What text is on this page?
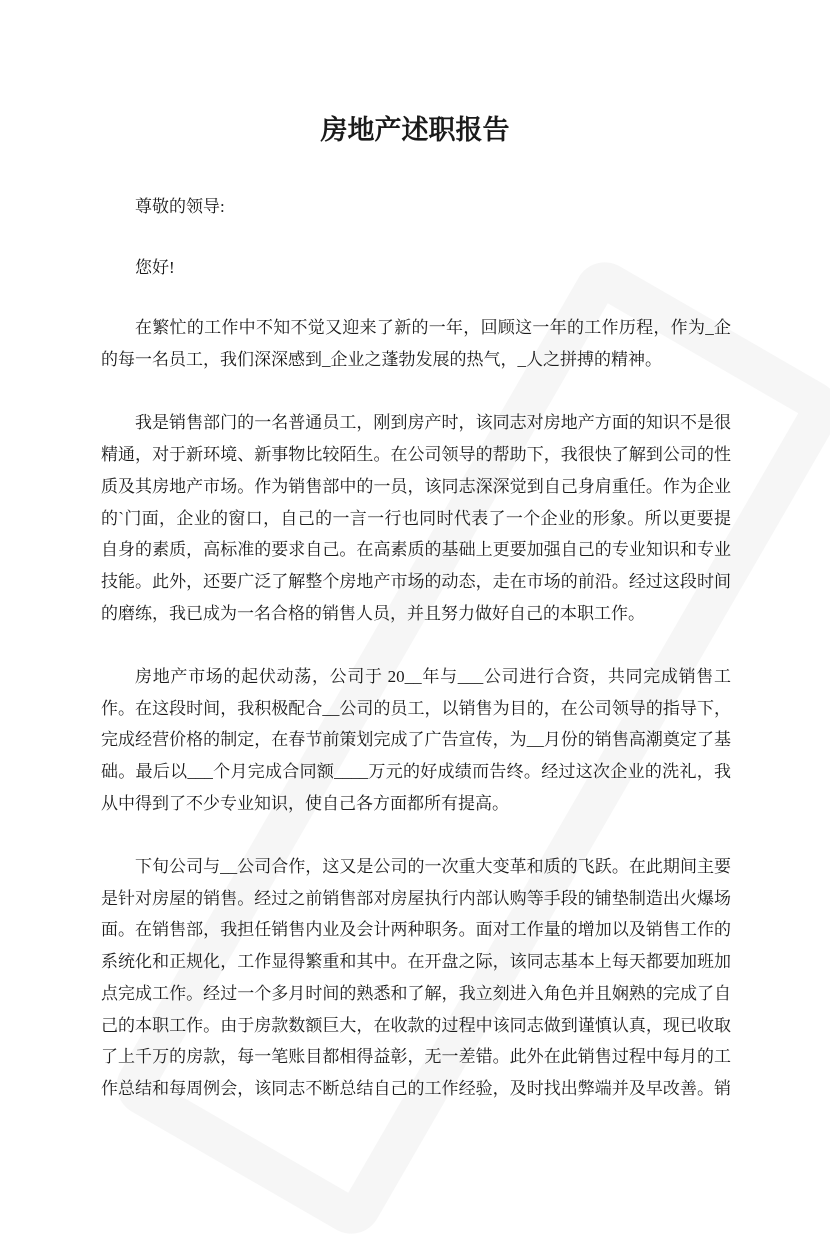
房地产述职报告
尊敬的领导:
您好!
在繁忙的工作中不知不觉又迎来了新的一年，回顾这一年的工作历程，作为_企
的每一名员工，我们深深感到_企业之蓬勃发展的热气，_人之拼搏的精神。
我是销售部门的一名普通员工，刚到房产时，该同志对房地产方面的知识不是很
精通，对于新环境、新事物比较陌生。在公司领导的帮助下，我很快了解到公司的性
质及其房地产市场。作为销售部中的一员，该同志深深觉到自己身肩重任。作为企业
的`门面，企业的窗口，自己的一言一行也同时代表了一个企业的形象。所以更要提
自身的素质，高标准的要求自己。在高素质的基础上更要加强自己的专业知识和专业
技能。此外，还要广泛了解整个房地产市场的动态，走在市场的前沿。经过这段时间
的磨练，我已成为一名合格的销售人员，并且努力做好自己的本职工作。
房地产市场的起伏动荡，公司于 20__年与___公司进行合资，共同完成销售工
作。在这段时间，我积极配合__公司的员工，以销售为目的，在公司领导的指导下，
完成经营价格的制定，在春节前策划完成了广告宣传，为__月份的销售高潮奠定了基
础。最后以___个月完成合同额____万元的好成绩而告终。经过这次企业的洗礼，我
从中得到了不少专业知识，使自己各方面都所有提高。
下旬公司与__公司合作，这又是公司的一次重大变革和质的飞跃。在此期间主要
是针对房屋的销售。经过之前销售部对房屋执行内部认购等手段的铺垫制造出火爆场
面。在销售部，我担任销售内业及会计两种职务。面对工作量的增加以及销售工作的
系统化和正规化，工作显得繁重和其中。在开盘之际，该同志基本上每天都要加班加
点完成工作。经过一个多月时间的熟悉和了解，我立刻进入角色并且娴熟的完成了自
己的本职工作。由于房款数额巨大，在收款的过程中该同志做到谨慎认真，现已收取
了上千万的房款，每一笔账目都相得益彰，无一差错。此外在此销售过程中每月的工
作总结和每周例会，该同志不断总结自己的工作经验，及时找出弊端并及早改善。销
